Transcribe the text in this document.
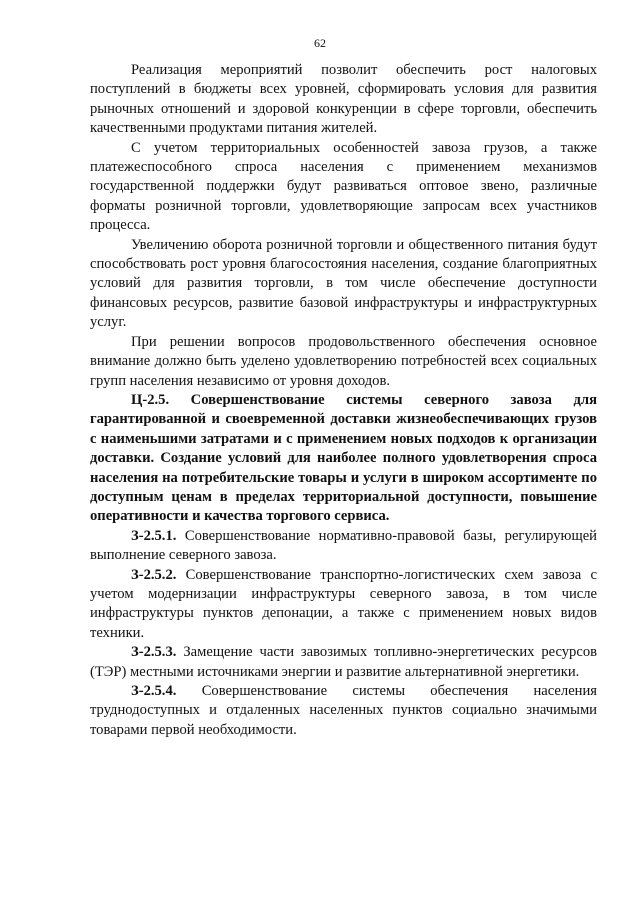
62

Реализация мероприятий позволит обеспечить рост налоговых поступлений в бюджеты всех уровней, сформировать условия для развития рыночных отношений и здоровой конкуренции в сфере торговли, обеспечить качественными продуктами питания жителей.

С учетом территориальных особенностей завоза грузов, а также платежеспособного спроса населения с применением механизмов государственной поддержки будут развиваться оптовое звено, различные форматы розничной торговли, удовлетворяющие запросам всех участников процесса.

Увеличению оборота розничной торговли и общественного питания будут способствовать рост уровня благосостояния населения, создание благоприятных условий для развития торговли, в том числе обеспечение доступности финансовых ресурсов, развитие базовой инфраструктуры и инфраструктурных услуг.

При решении вопросов продовольственного обеспечения основное внимание должно быть уделено удовлетворению потребностей всех социальных групп населения независимо от уровня доходов.

Ц-2.5. Совершенствование системы северного завоза для гарантированной и своевременной доставки жизнеобеспечивающих грузов с наименьшими затратами и с применением новых подходов к организации доставки. Создание условий для наиболее полного удовлетворения спроса населения на потребительские товары и услуги в широком ассортименте по доступным ценам в пределах территориальной доступности, повышение оперативности и качества торгового сервиса.

З-2.5.1. Совершенствование нормативно-правовой базы, регулирующей выполнение северного завоза.

З-2.5.2. Совершенствование транспортно-логистических схем завоза с учетом модернизации инфраструктуры северного завоза, в том числе инфраструктуры пунктов депонации, а также с применением новых видов техники.

З-2.5.3. Замещение части завозимых топливно-энергетических ресурсов (ТЭР) местными источниками энергии и развитие альтернативной энергетики.

З-2.5.4. Совершенствование системы обеспечения населения труднодоступных и отдаленных населенных пунктов социально значимыми товарами первой необходимости.
